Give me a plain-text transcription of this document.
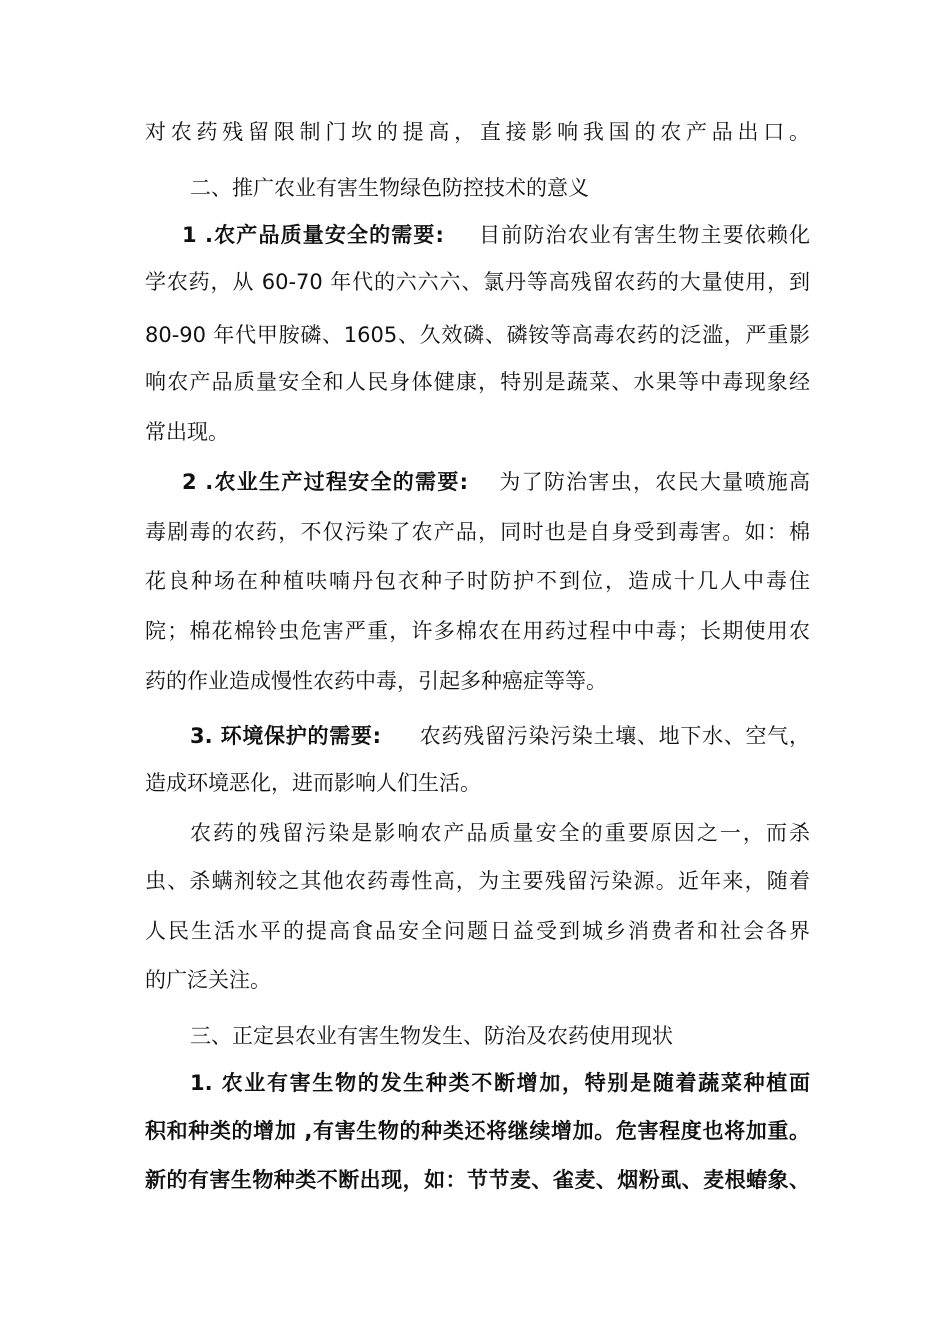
对农药残留限制门坎的提高，直接影响我国的农产品出口。
二、推广农业有害生物绿色防控技术的意义
1 .农产品质量安全的需要: 目前防治农业有害生物主要依赖化
学农药，从 60-70 年代的六六六、氯丹等高残留农药的大量使用，到
80-90 年代甲胺磷、1605、久效磷、磷铵等高毒农药的泛滥，严重影
响农产品质量安全和人民身体健康，特别是蔬菜、水果等中毒现象经
常出现。
2 .农业生产过程安全的需要: 为了防治害虫，农民大量喷施高
毒剧毒的农药，不仅污染了农产品，同时也是自身受到毒害。如：棉
花良种场在种植呋喃丹包衣种子时防护不到位，造成十几人中毒住
院；棉花棉铃虫危害严重，许多棉农在用药过程中中毒；长期使用农
药的作业造成慢性农药中毒，引起多种癌症等等。
3. 环境保护的需要: 农药残留污染污染土壤、地下水、空气，
造成环境恶化，进而影响人们生活。
农药的残留污染是影响农产品质量安全的重要原因之一，而杀
虫、杀螨剂较之其他农药毒性高，为主要残留污染源。近年来，随着
人民生活水平的提高食品安全问题日益受到城乡消费者和社会各界
的广泛关注。
三、正定县农业有害生物发生、防治及农药使用现状
1. 农业有害生物的发生种类不断增加，特别是随着蔬菜种植面
积和种类的增加 ,有害生物的种类还将继续增加。危害程度也将加重。
新的有害生物种类不断出现，如：节节麦、雀麦、烟粉虱、麦根蝽象、
